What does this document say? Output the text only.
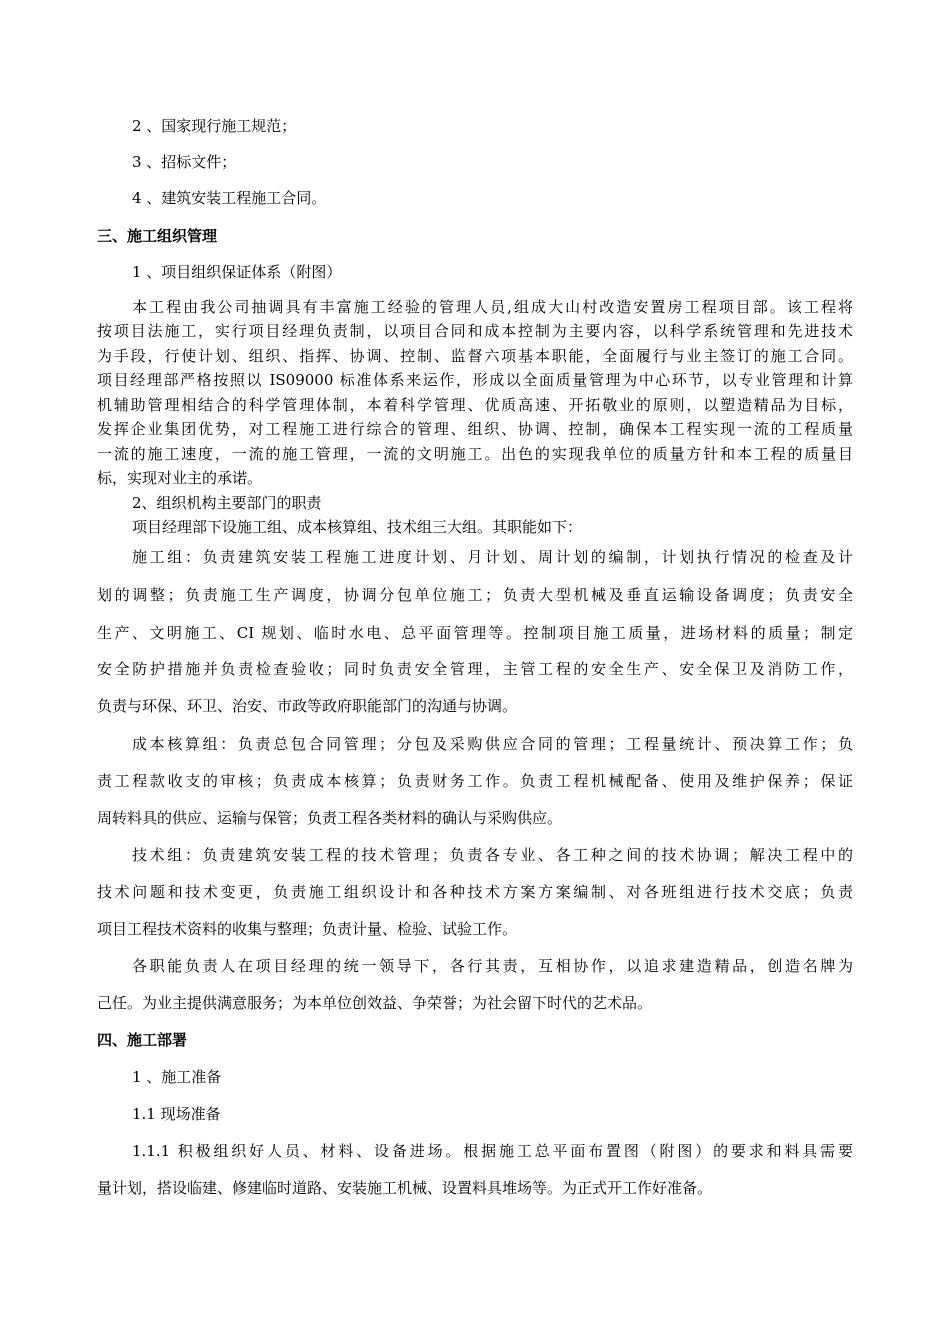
2 、国家现行施工规范；

3 、招标文件；

4 、建筑安装工程施工合同。

三、施工组织管理

1 、项目组织保证体系（附图）

本工程由我公司抽调具有丰富施工经验的管理人员,组成大山村改造安置房工程项目部。该工程将

按项目法施工，实行项目经理负责制，以项目合同和成本控制为主要内容，以科学系统管理和先进技术

为手段，行使计划、组织、指挥、协调、控制、监督六项基本职能，全面履行与业主签订的施工合同。

项目经理部严格按照以 IS09000 标准体系来运作，形成以全面质量管理为中心环节，以专业管理和计算

机辅助管理相结合的科学管理体制，本着科学管理、优质高速、开拓敬业的原则，以塑造精品为目标，

发挥企业集团优势，对工程施工进行综合的管理、组织、协调、控制，确保本工程实现一流的工程质量

一流的施工速度，一流的施工管理，一流的文明施工。出色的实现我单位的质量方针和本工程的质量目

标，实现对业主的承诺。

2、组织机构主要部门的职责

项目经理部下设施工组、成本核算组、技术组三大组。其职能如下：

施工组：负责建筑安装工程施工进度计划、月计划、周计划的编制，计划执行情况的检查及计

划的调整；负责施工生产调度，协调分包单位施工；负责大型机械及垂直运输设备调度；负责安全

生产、文明施工、CI 规划、临时水电、总平面管理等。控制项目施工质量，进场材料的质量；制定

安全防护措施并负责检查验收；同时负责安全管理，主管工程的安全生产、安全保卫及消防工作，

负责与环保、环卫、治安、市政等政府职能部门的沟通与协调。

成本核算组：负责总包合同管理；分包及采购供应合同的管理；工程量统计、预决算工作；负

责工程款收支的审核；负责成本核算；负责财务工作。负责工程机械配备、使用及维护保养；保证

周转料具的供应、运输与保管；负责工程各类材料的确认与采购供应。

技术组：负责建筑安装工程的技术管理；负责各专业、各工种之间的技术协调；解决工程中的

技术问题和技术变更，负责施工组织设计和各种技术方案方案编制、对各班组进行技术交底；负责

项目工程技术资料的收集与整理；负责计量、检验、试验工作。

各职能负责人在项目经理的统一领导下，各行其责，互相协作，以追求建造精品，创造名牌为

己任。为业主提供满意服务；为本单位创效益、争荣誉；为社会留下时代的艺术品。

四、施工部署

1 、施工准备

1.1 现场准备

1.1.1 积极组织好人员、材料、设备进场。根据施工总平面布置图（附图）的要求和料具需要

量计划，搭设临建、修建临时道路、安装施工机械、设置料具堆场等。为正式开工作好准备。
